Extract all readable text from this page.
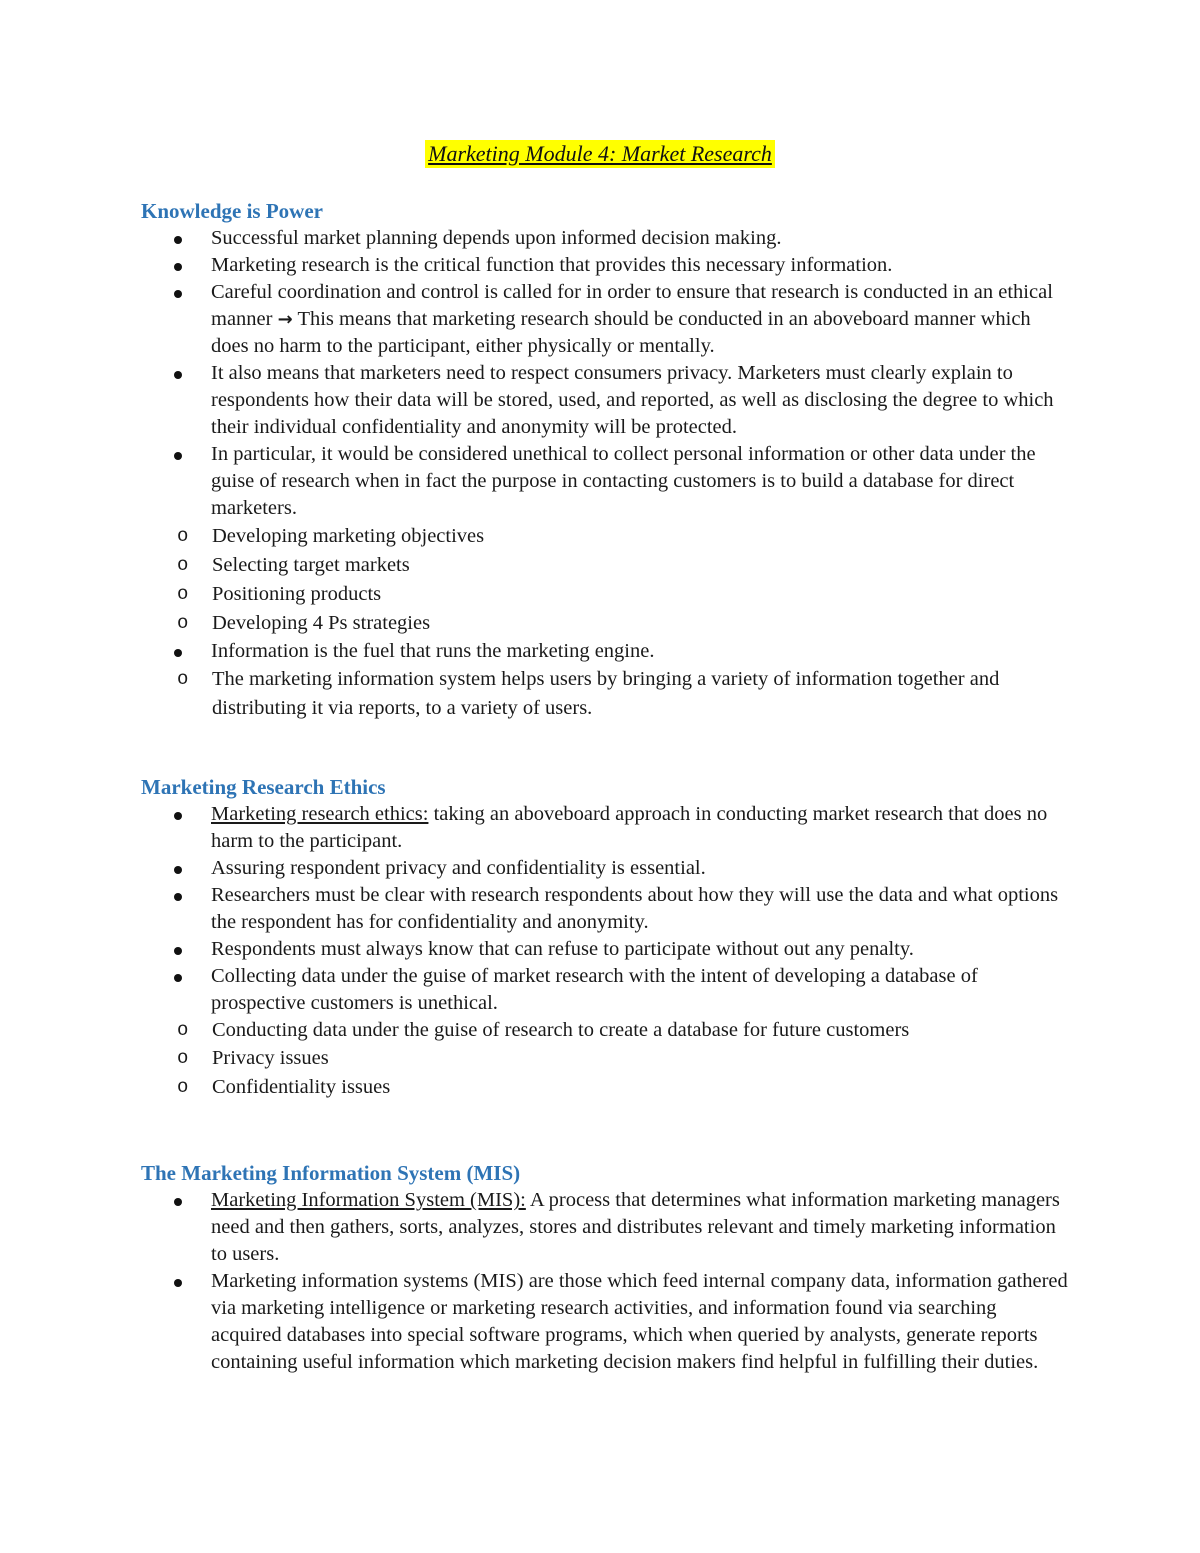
Marketing Module 4: Market Research
Knowledge is Power
Successful market planning depends upon informed decision making.
Marketing research is the critical function that provides this necessary information.
Careful coordination and control is called for in order to ensure that research is conducted in an ethical manner → This means that marketing research should be conducted in an aboveboard manner which does no harm to the participant, either physically or mentally.
It also means that marketers need to respect consumers privacy. Marketers must clearly explain to respondents how their data will be stored, used, and reported, as well as disclosing the degree to which their individual confidentiality and anonymity will be protected.
In particular, it would be considered unethical to collect personal information or other data under the guise of research when in fact the purpose in contacting customers is to build a database for direct marketers.
o Developing marketing objectives
o Selecting target markets
o Positioning products
o Developing 4 Ps strategies
Information is the fuel that runs the marketing engine.
o The marketing information system helps users by bringing a variety of information together and distributing it via reports, to a variety of users.
Marketing Research Ethics
Marketing research ethics: taking an aboveboard approach in conducting market research that does no harm to the participant.
Assuring respondent privacy and confidentiality is essential.
Researchers must be clear with research respondents about how they will use the data and what options the respondent has for confidentiality and anonymity.
Respondents must always know that can refuse to participate without out any penalty.
Collecting data under the guise of market research with the intent of developing a database of prospective customers is unethical.
o Conducting data under the guise of research to create a database for future customers
o Privacy issues
o Confidentiality issues
The Marketing Information System (MIS)
Marketing Information System (MIS): A process that determines what information marketing managers need and then gathers, sorts, analyzes, stores and distributes relevant and timely marketing information to users.
Marketing information systems (MIS) are those which feed internal company data, information gathered via marketing intelligence or marketing research activities, and information found via searching acquired databases into special software programs, which when queried by analysts, generate reports containing useful information which marketing decision makers find helpful in fulfilling their duties.
